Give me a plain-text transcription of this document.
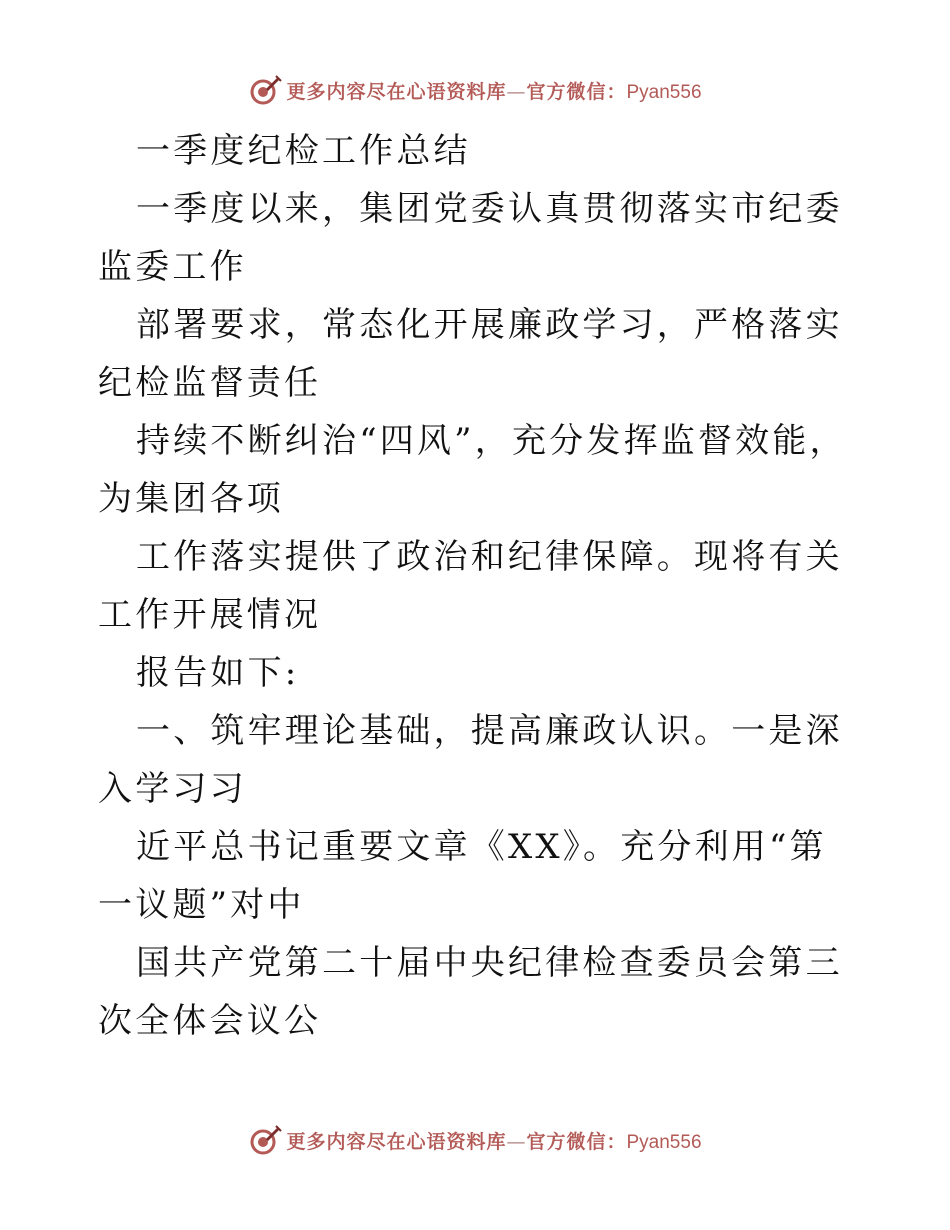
更多内容尽在心语资料库—官方微信：Pyan556

一季度纪检工作总结

一季度以来，集团党委认真贯彻落实市纪委监委工作

部署要求，常态化开展廉政学习，严格落实纪检监督责任

持续不断纠治“四风”，充分发挥监督效能，为集团各项

工作落实提供了政治和纪律保障。现将有关工作开展情况

报告如下:

一、筑牢理论基础，提高廉政认识。一是深入学习习

近平总书记重要文章《XX》。充分利用“第一议题”对中

国共产党第二十届中央纪律检查委员会第三次全体会议公

更多内容尽在心语资料库—官方微信：Pyan556
